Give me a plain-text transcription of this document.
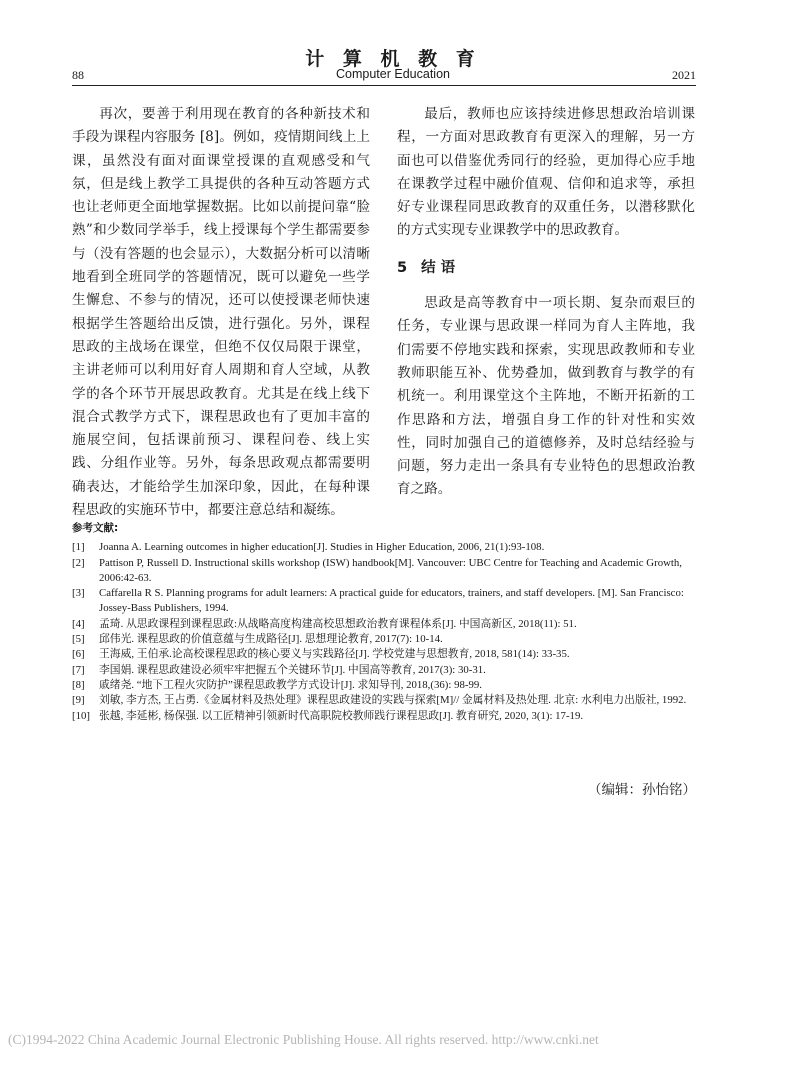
计 算 机 教 育
88	Computer Education	2021

再次，要善于利用现在教育的各种新技术和手段为课程内容服务 [8]。例如，疫情期间线上上课，虽然没有面对面课堂授课的直观感受和气氛，但是线上教学工具提供的各种互动答题方式也让老师更全面地掌握数据。比如以前提问靠“脸熟”和少数同学举手，线上授课每个学生都需要参与（没有答题的也会显示），大数据分析可以清晰地看到全班同学的答题情况，既可以避免一些学生懈怠、不参与的情况，还可以使授课老师快速根据学生答题给出反馈，进行强化。另外，课程思政的主战场在课堂，但绝不仅仅局限于课堂，主讲老师可以利用好育人周期和育人空域，从教学的各个环节开展思政教育。尤其是在线上线下混合式教学方式下，课程思政也有了更加丰富的施展空间，包括课前预习、课程问卷、线上实践、分组作业等。另外，每条思政观点都需要明确表达，才能给学生加深印象，因此，在每种课程思政的实施环节中，都要注意总结和凝练。

最后，教师也应该持续进修思想政治培训课程，一方面对思政教育有更深入的理解，另一方面也可以借鉴优秀同行的经验，更加得心应手地在课教学过程中融价值观、信仰和追求等，承担好专业课程同思政教育的双重任务，以潜移默化的方式实现专业课教学中的思政教育。

5 结 语

思政是高等教育中一项长期、复杂而艰巨的任务，专业课与思政课一样同为育人主阵地，我们需要不停地实践和探索，实现思政教师和专业教师职能互补、优势叠加，做到教育与教学的有机统一。利用课堂这个主阵地，不断开拓新的工作思路和方法，增强自身工作的针对性和实效性，同时加强自己的道德修养，及时总结经验与问题，努力走出一条具有专业特色的思想政治教育之路。

参考文献:
[1]	Joanna A. Learning outcomes in higher education[J]. Studies in Higher Education, 2006, 21(1):93-108.
[2]	Pattison P, Russell D. Instructional skills workshop (ISW) handbook[M]. Vancouver: UBC Centre for Teaching and Academic Growth, 2006:42-63.
[3]	Caffarella R S. Planning programs for adult learners: A practical guide for educators, trainers, and staff developers. [M]. San Francisco: Jossey-Bass Publishers, 1994.
[4]	孟琦. 从思政课程到课程思政:从战略高度构建高校思想政治教育课程体系[J]. 中国高新区, 2018(11): 51.
[5]	邱伟光. 课程思政的价值意蕴与生成路径[J]. 思想理论教育, 2017(7): 10-14.
[6]	王海威, 王伯承.论高校课程思政的核心要义与实践路径[J]. 学校党建与思想教育, 2018, 581(14): 33-35.
[7]	李国娟. 课程思政建设必须牢牢把握五个关键环节[J]. 中国高等教育, 2017(3): 30-31.
[8]	戚绪尧. “地下工程火灾防护”课程思政教学方式设计[J]. 求知导刊, 2018,(36): 98-99.
[9]	刘敏, 李方杰, 王占勇.《金属材料及热处理》课程思政建设的实践与探索[M]// 金属材料及热处理. 北京: 水利电力出版社, 1992.
[10] 张越, 李延彬, 杨保强. 以工匠精神引领新时代高职院校教师践行课程思政[J]. 教育研究, 2020, 3(1): 17-19.
（编辑：孙怡铭）
(C)1994-2022 China Academic Journal Electronic Publishing House. All rights reserved. http://www.cnki.net
